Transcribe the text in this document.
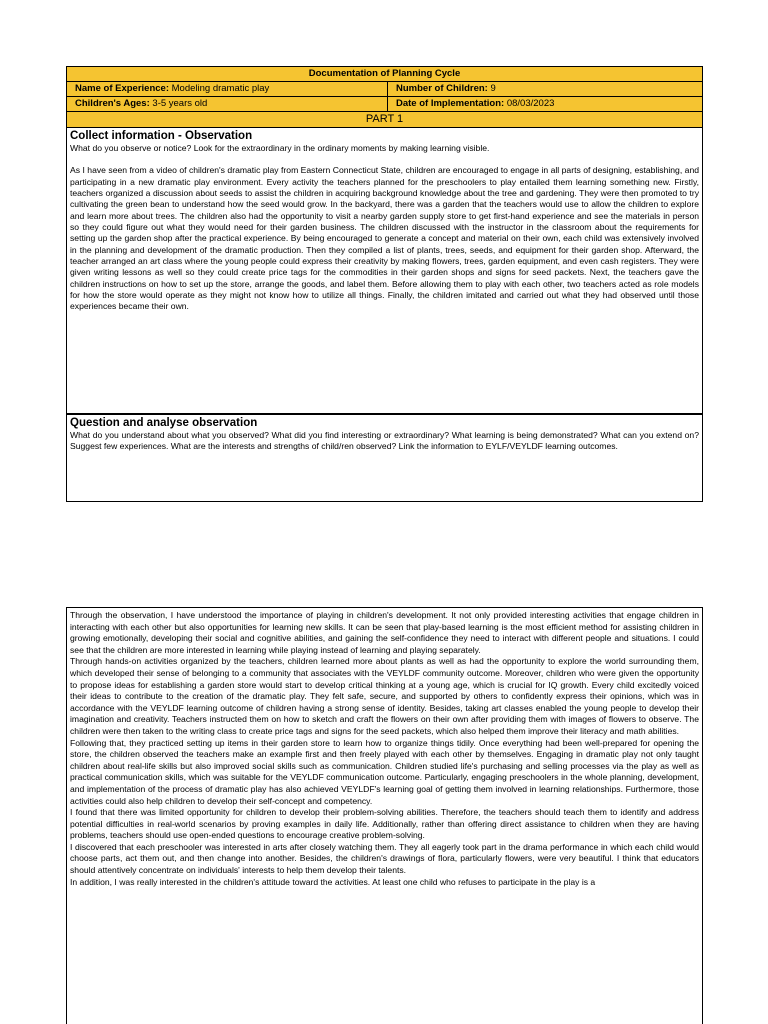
Documentation of Planning Cycle
Name of Experience: Modeling dramatic play	Number of Children: 9
Children's Ages: 3-5 years old	Date of Implementation: 08/03/2023
PART 1
Collect information - Observation

What do you observe or notice? Look for the extraordinary in the ordinary moments by making learning visible.

As I have seen from a video of children's dramatic play from Eastern Connecticut State, children are encouraged to engage in all parts of designing, establishing, and participating in a new dramatic play environment. Every activity the teachers planned for the preschoolers to play entailed them learning something new. Firstly, teachers organized a discussion about seeds to assist the children in acquiring background knowledge about the tree and gardening. They were then promoted to try cultivating the green bean to understand how the seed would grow. In the backyard, there was a garden that the teachers would use to allow the children to explore and learn more about trees. The children also had the opportunity to visit a nearby garden supply store to get first-hand experience and see the materials in person so they could figure out what they would need for their garden business. The children discussed with the instructor in the classroom about the requirements for setting up the garden shop after the practical experience. By being encouraged to generate a concept and material on their own, each child was extensively involved in the planning and development of the dramatic production. Then they compiled a list of plants, trees, seeds, and equipment for their garden shop. Afterward, the teacher arranged an art class where the young people could express their creativity by making flowers, trees, garden equipment, and even cash registers. They were given writing lessons as well so they could create price tags for the commodities in their garden shops and signs for seed packets. Next, the teachers gave the children instructions on how to set up the store, arrange the goods, and label them. Before allowing them to play with each other, two teachers acted as role models for how the store would operate as they might not know how to utilize all things. Finally, the children imitated and carried out what they had observed until those experiences became their own.

Question and analyse observation

What do you understand about what you observed? What did you find interesting or extraordinary? What learning is being demonstrated? What can you extend on? Suggest few experiences. What are the interests and strengths of child/ren observed? Link the information to EYLF/VEYLDF learning outcomes.

Through the observation, I have understood the importance of playing in children's development. It not only provided interesting activities that engage children in interacting with each other but also opportunities for learning new skills. It can be seen that play-based learning is the most efficient method for assisting children in growing emotionally, developing their social and cognitive abilities, and gaining the self-confidence they need to interact with different people and situations. I could see that the children are more interested in learning while playing instead of learning and playing separately.

Through hands-on activities organized by the teachers, children learned more about plants as well as had the opportunity to explore the world surrounding them, which developed their sense of belonging to a community that associates with the VEYLDF community outcome. Moreover, children who were given the opportunity to propose ideas for establishing a garden store would start to develop critical thinking at a young age, which is crucial for IQ growth. Every child excitedly voiced their ideas to contribute to the creation of the dramatic play. They felt safe, secure, and supported by others to confidently express their opinions, which was in accordance with the VEYLDF learning outcome of children having a strong sense of identity. Besides, taking art classes enabled the young people to develop their imagination and creativity. Teachers instructed them on how to sketch and craft the flowers on their own after providing them with images of flowers to observe. The children were then taken to the writing class to create price tags and signs for the seed packets, which also helped them improve their literacy and math abilities.

Following that, they practiced setting up items in their garden store to learn how to organize things tidily. Once everything had been well-prepared for opening the store, the children observed the teachers make an example first and then freely played with each other by themselves. Engaging in dramatic play not only taught children about real-life skills but also improved social skills such as communication. Children studied life's purchasing and selling processes via the play as well as practical communication skills, which was suitable for the VEYLDF communication outcome. Particularly, engaging preschoolers in the whole planning, development, and implementation of the process of dramatic play has also achieved VEYLDF's learning goal of getting them involved in learning relationships. Furthermore, those activities could also help children to develop their self-concept and competency.

I found that there was limited opportunity for children to develop their problem-solving abilities. Therefore, the teachers should teach them to identify and address potential difficulties in real-world scenarios by proving examples in daily life. Additionally, rather than offering direct assistance to children when they are having problems, teachers should use open-ended questions to encourage creative problem-solving.

I discovered that each preschooler was interested in arts after closely watching them. They all eagerly took part in the drama performance in which each child would choose parts, act them out, and then change into another. Besides, the children's drawings of flora, particularly flowers, were very beautiful. I think that educators should attentively concentrate on individuals' interests to help them develop their talents.

In addition, I was really interested in the children's attitude toward the activities. At least one child who refuses to participate in the play is a
